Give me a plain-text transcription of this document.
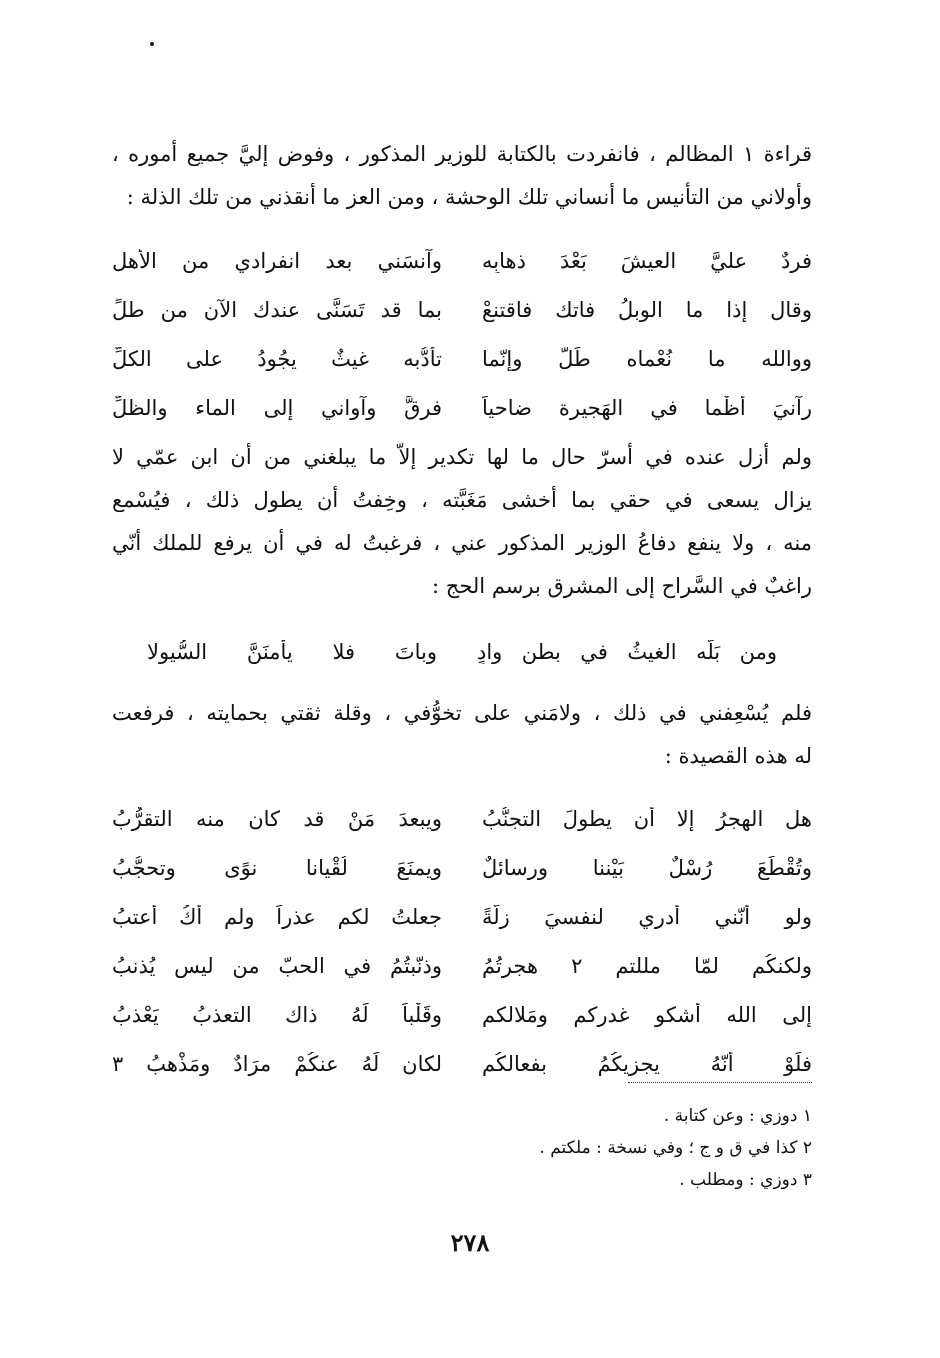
قراءة ١ المظالم ، فانفردت بالكتابة للوزير المذكور ، وفوض إليَّ جميع أموره ،
وأولاني من التأنيس ما أنساني تلك الوحشة ، ومن العز ما أنقذني من تلك الذلة :
فردٌ عليَّ العيشَ بَعْدَ ذهابِه
وآنسَني بعد انفرادي من الأهلِ
وقال إذا ما الوبلُ فاتك فاقتنعْ
بما قد تَسَنَّى عندك الآن من طلٍّ
ووالله ما نُعْماه طَلٌّ وإنّما
تأدُّبه غيثٌ يجُودُ على الكلِّ
رآنيَ أظْما في الهَجيرة ضاحياً
فرقَّ وآواني إلى الماء والظلِّ
ولم أزل عنده في أسرّ حال ما لها تكدير إلاّ ما يبلغني من أن ابن عمّي لا
يزال يسعى في حقي بما أخشى مَغَبَّته ، وخِفتُ أن يطول ذلك ، فيُسْمع
منه ، ولا ينفع دفاعُ الوزير المذكور عني ، فرغبتُ له في أن يرفع للملك أنّي
راغبٌ في السَّراح إلى المشرق برسم الحج :
ومن بَلّه الغيثُ في بطنِ وادٍ
وباتَ فلا يأمنَنَّ السُّيولا
فلم يُسْعِفني في ذلك ، ولامَني على تخوُّفي ، وقلة ثقتي بحمايته ، فرفعت
له هذه القصيدة :
هل الهجرُ إلا أن يطولَ التجنُّبُ
ويبعدَ مَنْ قد كان منه التقرُّبُ
وتُقْطَعَ رُسْلٌ بَيْننا ورسائلٌ
ويمنَعَ لُقْيانا نوًى وتحجُّبُ
ولو أنّني أدري لنفسيَ زلّةً
جعلتُ لكم عذراً ولم أكُ أعتبُ
ولكنكُم لمّا مللتم ٢ هجرتُمُ
وذنّبتُمُ في الحبّ من ليس يُذنبُ
إلى الله أشكو غدركم ومَلالكم
وقَلْباً لَهُ ذاك التعذبُ يَعْذبُ
فلَوْ أنّهُ يجزيكُمُ بفعالكُم
لكان لَهُ عنكُمْ مرَادٌ ومَذْهبُ ٣
١ دوزي : وعن كتابة .
٢ كذا في ق و ج ؛ وفي نسخة : ملكتم .
٣ دوزي : ومطلب .
٢٧٨
